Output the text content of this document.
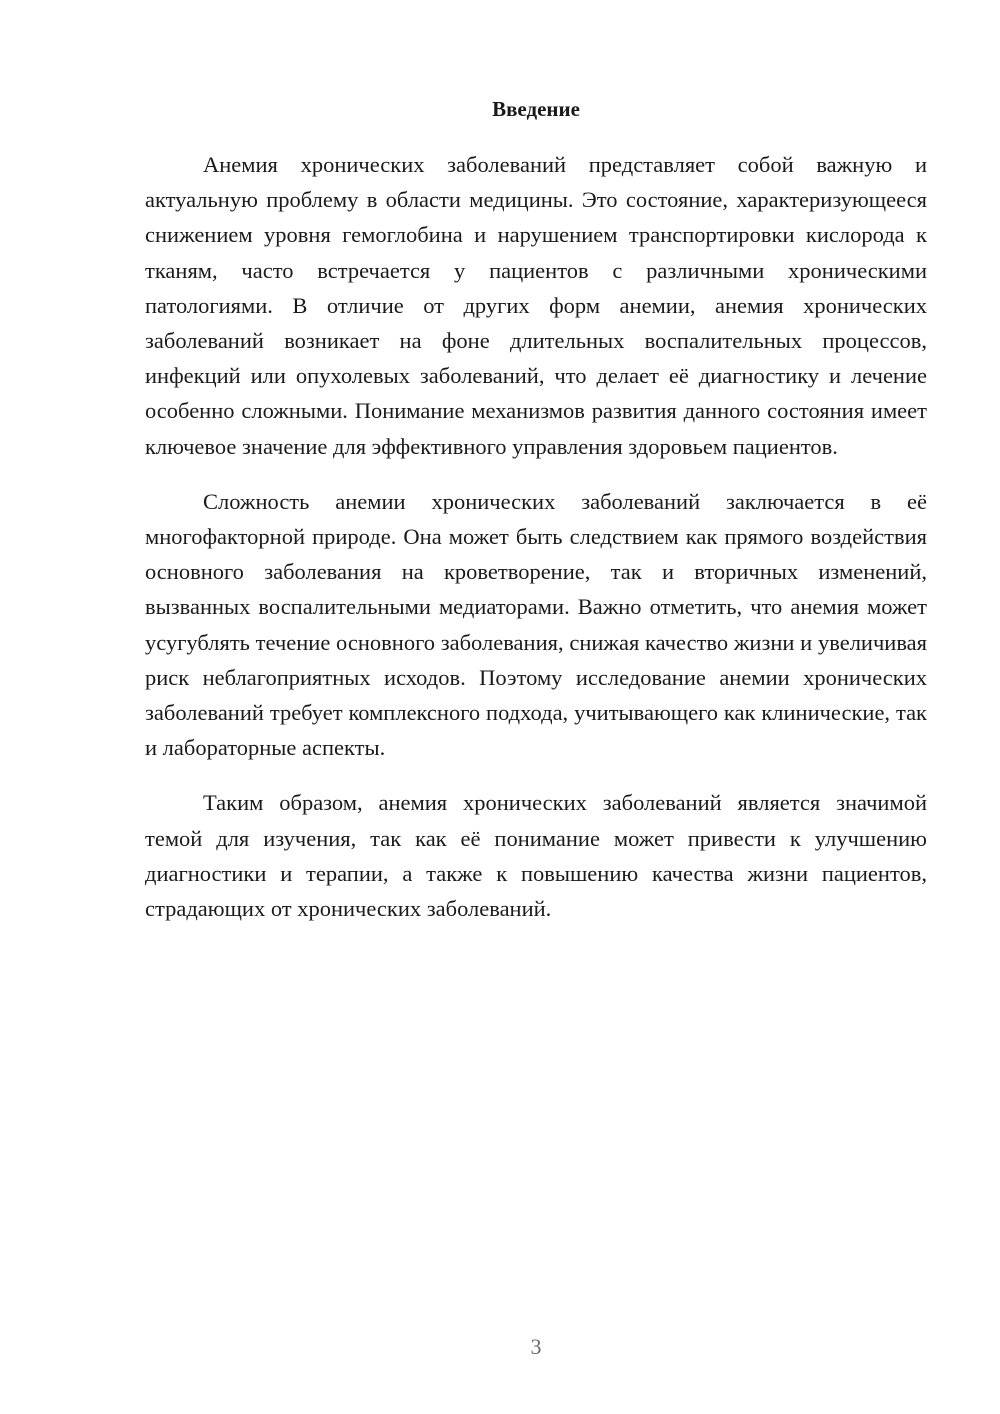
Введение

Анемия хронических заболеваний представляет собой важную и актуальную проблему в области медицины. Это состояние, характеризующееся снижением уровня гемоглобина и нарушением транспортировки кислорода к тканям, часто встречается у пациентов с различными хроническими патологиями. В отличие от других форм анемии, анемия хронических заболеваний возникает на фоне длительных воспалительных процессов, инфекций или опухолевых заболеваний, что делает её диагностику и лечение особенно сложными. Понимание механизмов развития данного состояния имеет ключевое значение для эффективного управления здоровьем пациентов.

Сложность анемии хронических заболеваний заключается в её многофакторной природе. Она может быть следствием как прямого воздействия основного заболевания на кроветворение, так и вторичных изменений, вызванных воспалительными медиаторами. Важно отметить, что анемия может усугублять течение основного заболевания, снижая качество жизни и увеличивая риск неблагоприятных исходов. Поэтому исследование анемии хронических заболеваний требует комплексного подхода, учитывающего как клинические, так и лабораторные аспекты.

Таким образом, анемия хронических заболеваний является значимой темой для изучения, так как её понимание может привести к улучшению диагностики и терапии, а также к повышению качества жизни пациентов, страдающих от хронических заболеваний.

3
